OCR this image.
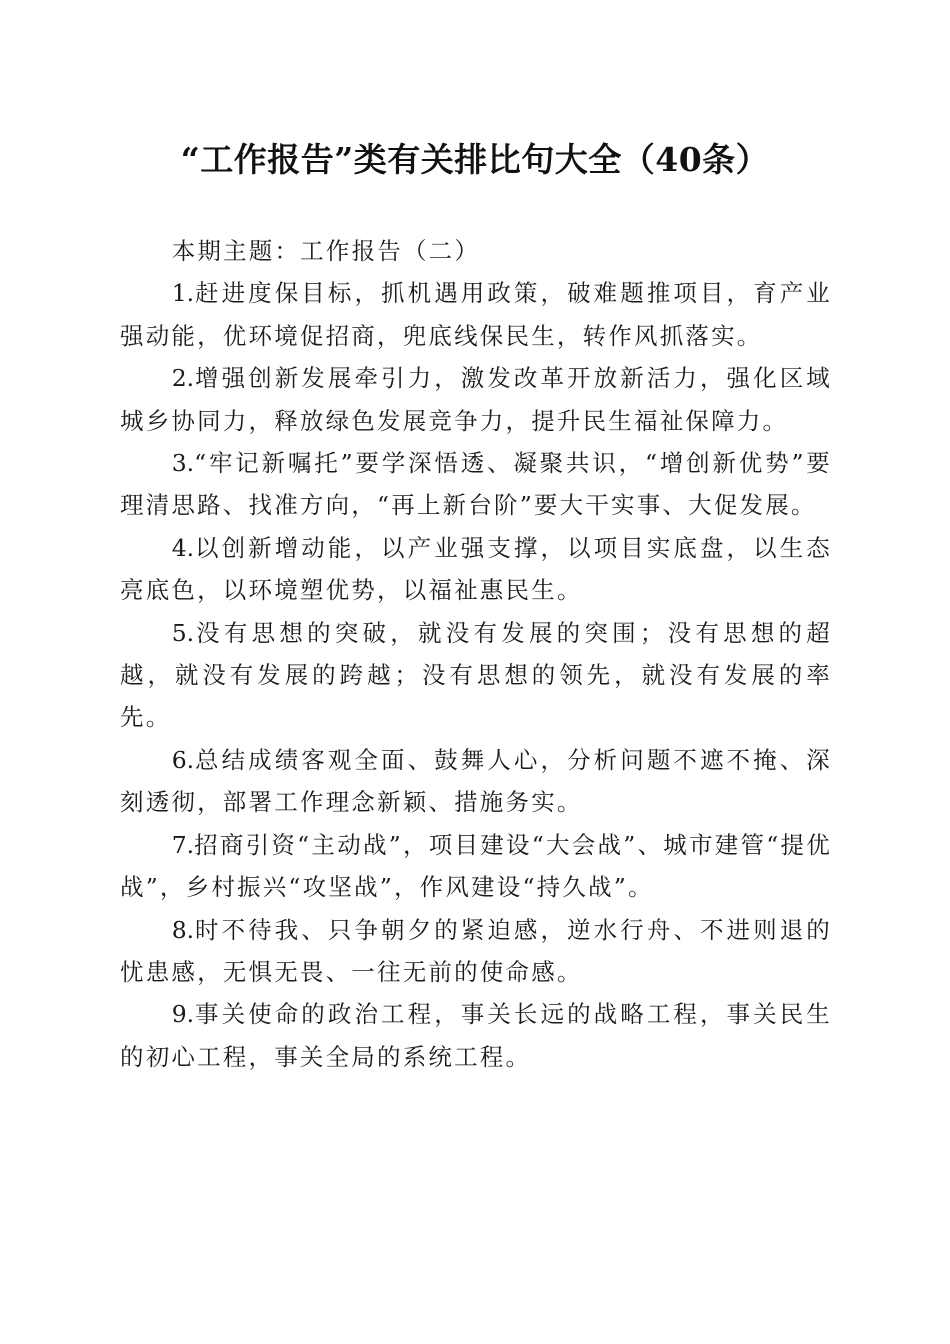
“工作报告”类有关排比句大全（40条）

本期主题：工作报告（二）

1.赶进度保目标，抓机遇用政策，破难题推项目，育产业强动能，优环境促招商，兜底线保民生，转作风抓落实。

2.增强创新发展牵引力，激发改革开放新活力，强化区域城乡协同力，释放绿色发展竞争力，提升民生福祉保障力。

3.“牢记新嘱托”要学深悟透、凝聚共识，“增创新优势”要理清思路、找准方向，“再上新台阶”要大干实事、大促发展。

4.以创新增动能，以产业强支撑，以项目实底盘，以生态亮底色，以环境塑优势，以福祉惠民生。

5.没有思想的突破，就没有发展的突围；没有思想的超越，就没有发展的跨越；没有思想的领先，就没有发展的率先。

6.总结成绩客观全面、鼓舞人心，分析问题不遮不掩、深刻透彻，部署工作理念新颖、措施务实。

7.招商引资“主动战”，项目建设“大会战”、城市建管“提优战”，乡村振兴“攻坚战”，作风建设“持久战”。

8.时不待我、只争朝夕的紧迫感，逆水行舟、不进则退的忧患感，无惧无畏、一往无前的使命感。

9.事关使命的政治工程，事关长远的战略工程，事关民生的初心工程，事关全局的系统工程。
